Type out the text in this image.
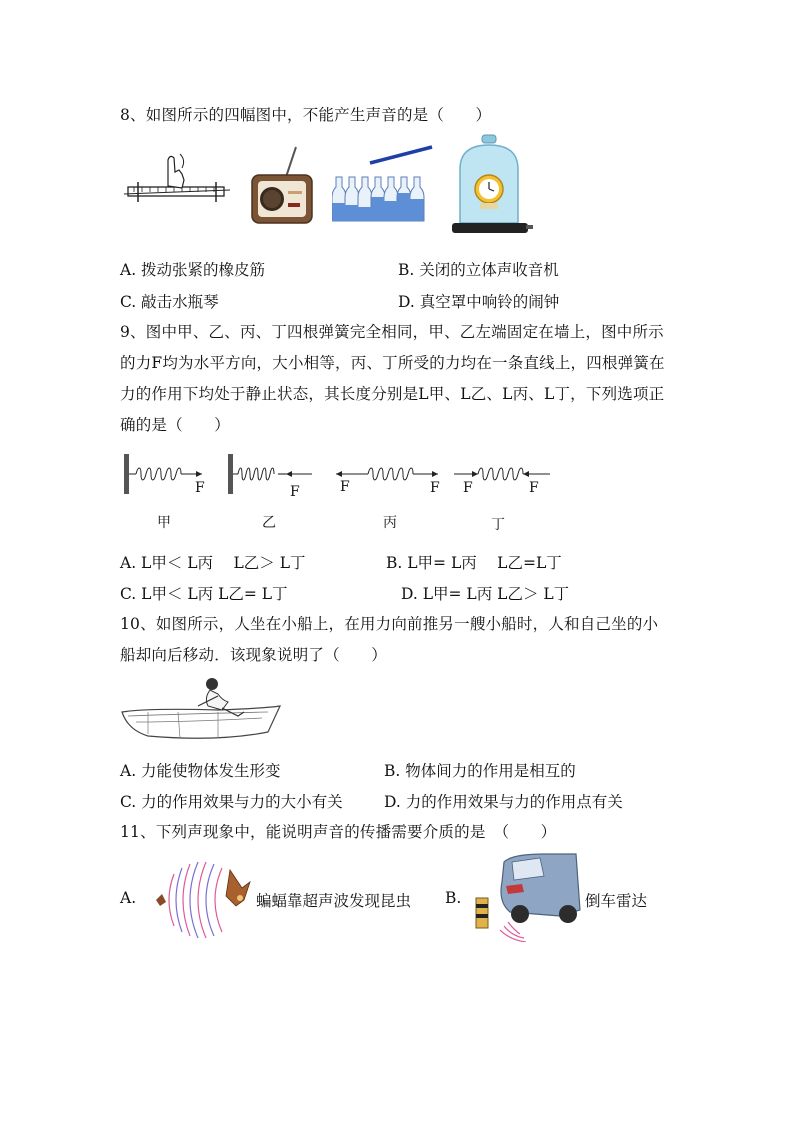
8、如图所示的四幅图中，不能产生声音的是（　　）
A. 拨动张紧的橡皮筋	B. 关闭的立体声收音机
C. 敲击水瓶琴	D. 真空罩中响铃的闹钟
9、图中甲、乙、丙、丁四根弹簧完全相同，甲、乙左端固定在墙上，图中所示
的力F均为水平方向，大小相等，丙、丁所受的力均在一条直线上，四根弹簧在
力的作用下均处于静止状态，其长度分别是L甲、L乙、L丙、L丁，下列选项正
确的是（　　）
F	F	F	F F	F
甲	乙	丙	丁
A. L甲＜ L丙　 L乙＞ L丁	B. L甲= L丙　 L乙=L丁
C. L甲＜ L丙 L乙= L丁	D. L甲= L丙 L乙＞ L丁
10、如图所示，人坐在小船上，在用力向前推另一艘小船时，人和自己坐的小
船却向后移动．该现象说明了（　　）
A. 力能使物体发生形变	B. 物体间力的作用是相互的
C. 力的作用效果与力的大小有关	D. 力的作用效果与力的作用点有关
11、下列声现象中，能说明声音的传播需要介质的是　（　　）
A.	蝙蝠靠超声波发现昆虫 B.	倒车雷达
